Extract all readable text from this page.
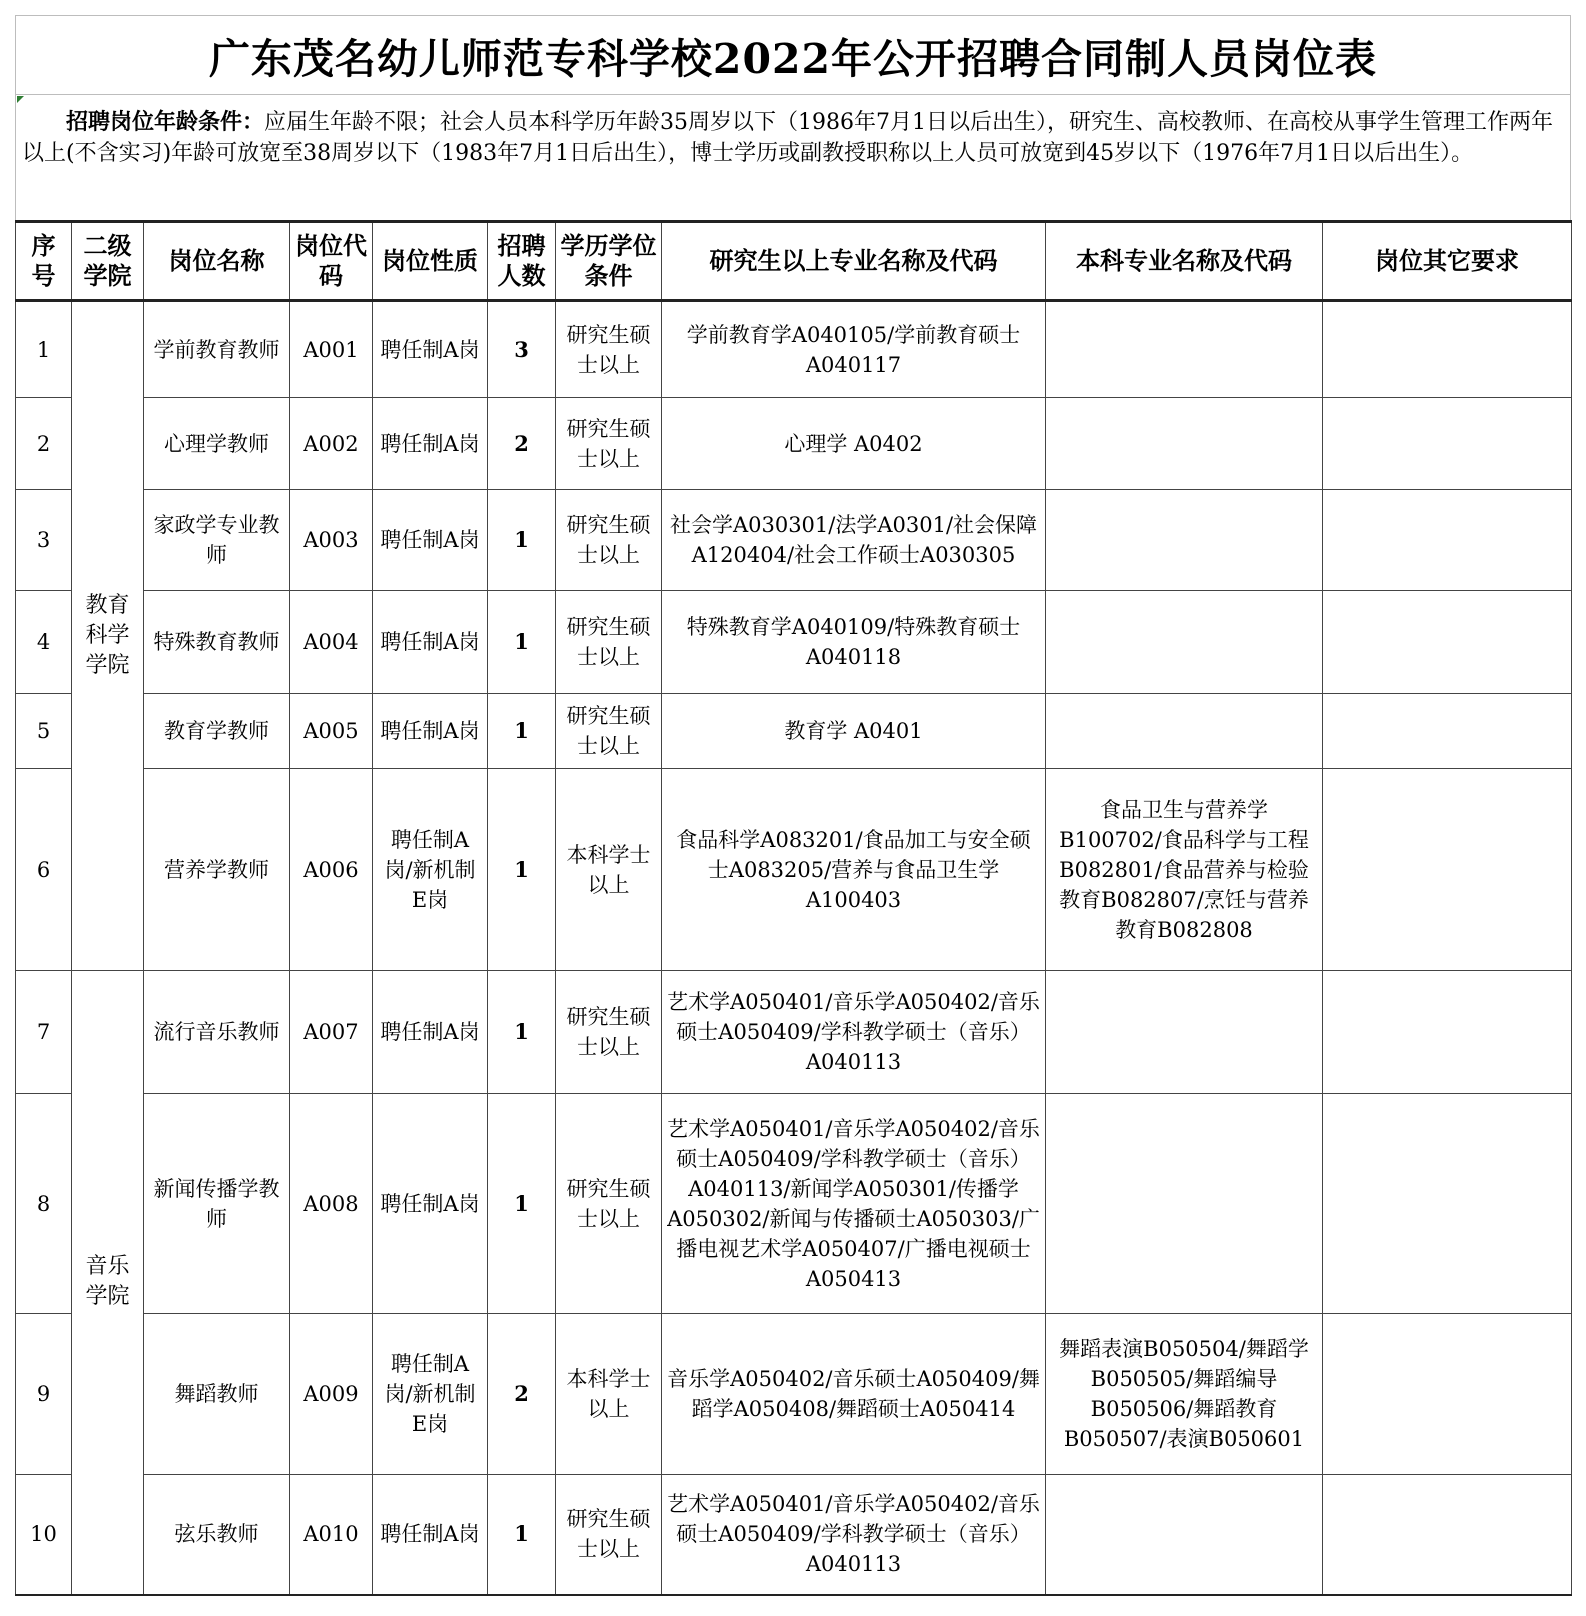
广东茂名幼儿师范专科学校2022年公开招聘合同制人员岗位表
招聘岗位年龄条件：应届生年龄不限；社会人员本科学历年龄35周岁以下（1986年7月1日以后出生），研究生、高校教师、在高校从事学生管理工作两年以上(不含实习)年龄可放宽至38周岁以下（1983年7月1日后出生），博士学历或副教授职称以上人员可放宽到45岁以下（1976年7月1日以后出生）。
序号	二级学院	岗位名称	岗位代码	岗位性质	招聘人数	学历学位条件	研究生以上专业名称及代码	本科专业名称及代码	岗位其它要求
1	教育科学学院	学前教育教师	A001	聘任制A岗	3	研究生硕士以上	学前教育学A040105/学前教育硕士A040117		
2		心理学教师	A002	聘任制A岗	2	研究生硕士以上	心理学 A0402		
3		家政学专业教师	A003	聘任制A岗	1	研究生硕士以上	社会学A030301/法学A0301/社会保障A120404/社会工作硕士A030305		
4		特殊教育教师	A004	聘任制A岗	1	研究生硕士以上	特殊教育学A040109/特殊教育硕士A040118		
5		教育学教师	A005	聘任制A岗	1	研究生硕士以上	教育学 A0401		
6		营养学教师	A006	聘任制A岗/新机制E岗	1	本科学士以上	食品科学A083201/食品加工与安全硕士A083205/营养与食品卫生学A100403	食品卫生与营养学B100702/食品科学与工程B082801/食品营养与检验教育B082807/烹饪与营养教育B082808	
7	音乐学院	流行音乐教师	A007	聘任制A岗	1	研究生硕士以上	艺术学A050401/音乐学A050402/音乐硕士A050409/学科教学硕士（音乐）A040113		
8		新闻传播学教师	A008	聘任制A岗	1	研究生硕士以上	艺术学A050401/音乐学A050402/音乐硕士A050409/学科教学硕士（音乐）A040113/新闻学A050301/传播学A050302/新闻与传播硕士A050303/广播电视艺术学A050407/广播电视硕士A050413		
9		舞蹈教师	A009	聘任制A岗/新机制E岗	2	本科学士以上	音乐学A050402/音乐硕士A050409/舞蹈学A050408/舞蹈硕士A050414	舞蹈表演B050504/舞蹈学B050505/舞蹈编导B050506/舞蹈教育B050507/表演B050601	
10		弦乐教师	A010	聘任制A岗	1	研究生硕士以上	艺术学A050401/音乐学A050402/音乐硕士A050409/学科教学硕士（音乐）A040113		
